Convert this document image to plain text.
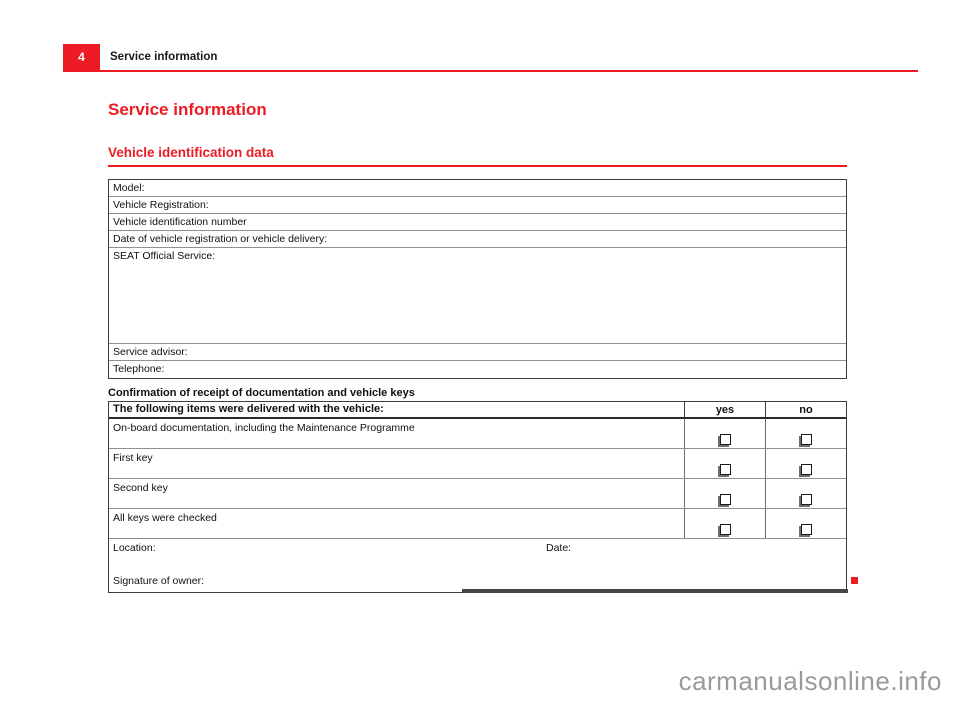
4	Service information
Service information
Vehicle identification data
Model:
Vehicle Registration:
Vehicle identification number
Date of vehicle registration or vehicle delivery:
SEAT Official Service:
Service advisor:
Telephone:
Confirmation of receipt of documentation and vehicle keys
The following items were delivered with the vehicle:	yes	no
On-board documentation, including the Maintenance Programme
First key
Second key
All keys were checked
Location:	Date:
Signature of owner:
carmanualsonline.info
